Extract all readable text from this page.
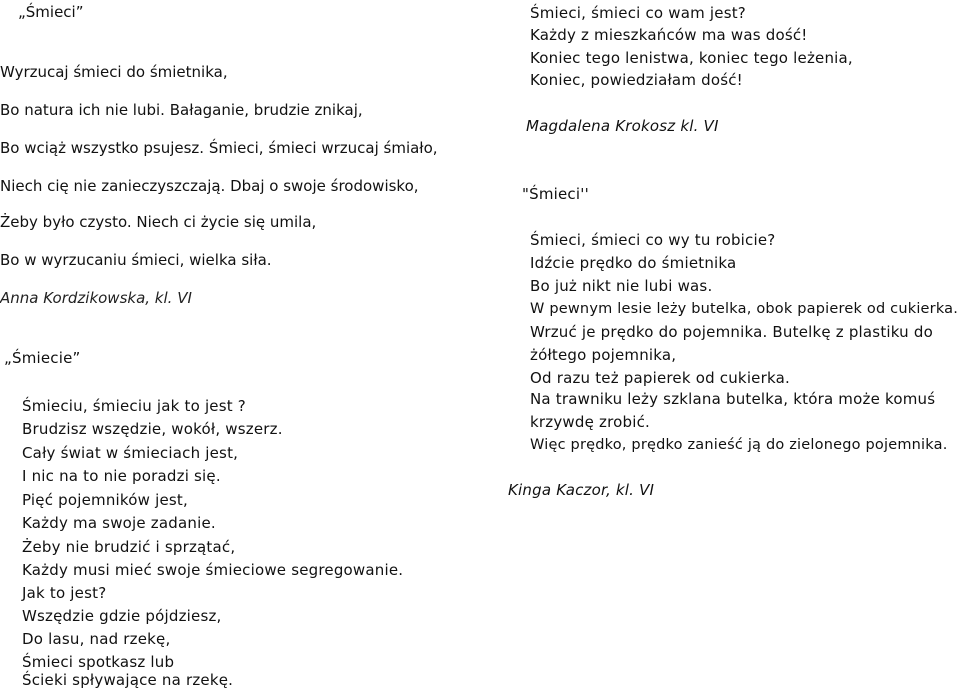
„Śmieci”
Wyrzucaj śmieci do śmietnika,
Bo natura ich nie lubi. Bałaganie, brudzie znikaj,
Bo wciąż wszystko psujesz. Śmieci, śmieci wrzucaj śmiało,
Niech cię nie zanieczyszczają. Dbaj o swoje środowisko,
Żeby było czysto. Niech ci życie się umila,
Bo w wyrzucaniu śmieci, wielka siła.
Anna Kordzikowska, kl. VI
„Śmiecie”
Śmieciu, śmieciu jak to jest ?
Brudzisz wszędzie, wokół, wszerz.
Cały świat w śmieciach jest,
I nic na to nie poradzi się.
Pięć pojemników jest,
Każdy ma swoje zadanie.
Żeby nie brudzić i sprzątać,
Każdy musi mieć swoje śmieciowe segregowanie.
Jak to jest?
Wszędzie gdzie pójdziesz,
Do lasu, nad rzekę,
Śmieci spotkasz lub
Ścieki spływające na rzekę.
Śmieci, śmieci co wam jest?
Każdy z mieszkańców ma was dość!
Koniec tego lenistwa, koniec tego leżenia,
Koniec, powiedziałam dość!
Magdalena Krokosz kl. VI
"Śmieci''
Śmieci, śmieci co wy tu robicie?
Idźcie prędko do śmietnika
Bo już nikt nie lubi was.
W pewnym lesie leży butelka, obok papierek od cukierka.
Wrzuć je prędko do pojemnika. Butelkę z plastiku do
żółtego pojemnika,
Od razu też papierek od cukierka.
Na trawniku leży szklana butelka, która może komuś
krzywdę zrobić.
Więc prędko, prędko zanieść ją do zielonego pojemnika.
Kinga Kaczor, kl. VI
